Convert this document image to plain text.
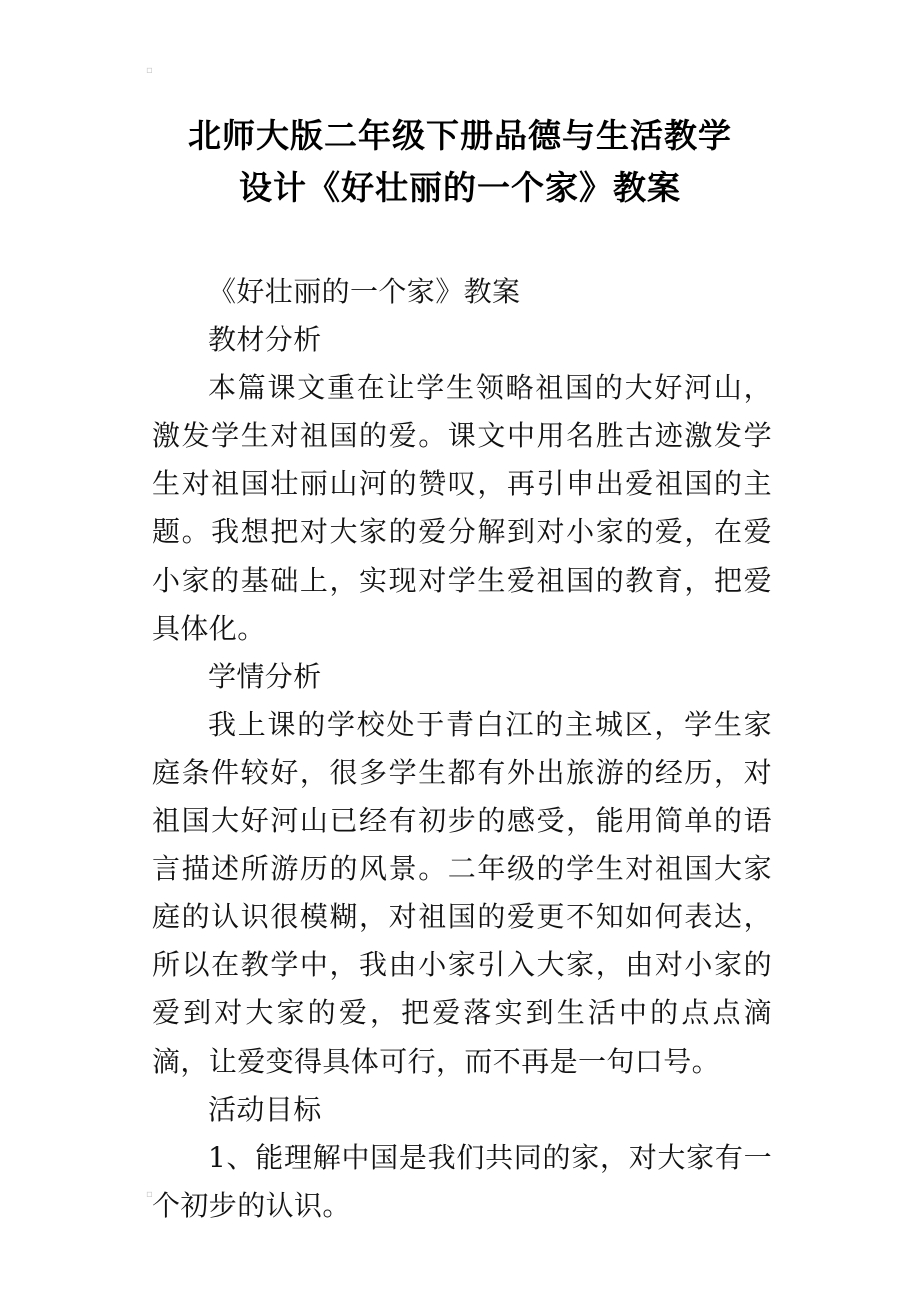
▫
北师大版二年级下册品德与生活教学
设计《好壮丽的一个家》教案

《好壮丽的一个家》教案

教材分析

本篇课文重在让学生领略祖国的大好河山，激发学生对祖国的爱。课文中用名胜古迹激发学生对祖国壮丽山河的赞叹，再引申出爱祖国的主题。我想把对大家的爱分解到对小家的爱，在爱小家的基础上，实现对学生爱祖国的教育，把爱具体化。

学情分析

我上课的学校处于青白江的主城区，学生家庭条件较好，很多学生都有外出旅游的经历，对祖国大好河山已经有初步的感受，能用简单的语言描述所游历的风景。二年级的学生对祖国大家庭的认识很模糊，对祖国的爱更不知如何表达，所以在教学中，我由小家引入大家，由对小家的爱到对大家的爱，把爱落实到生活中的点点滴滴，让爱变得具体可行，而不再是一句口号。

活动目标

1、能理解中国是我们共同的家，对大家有一个初步的认识。

▫
